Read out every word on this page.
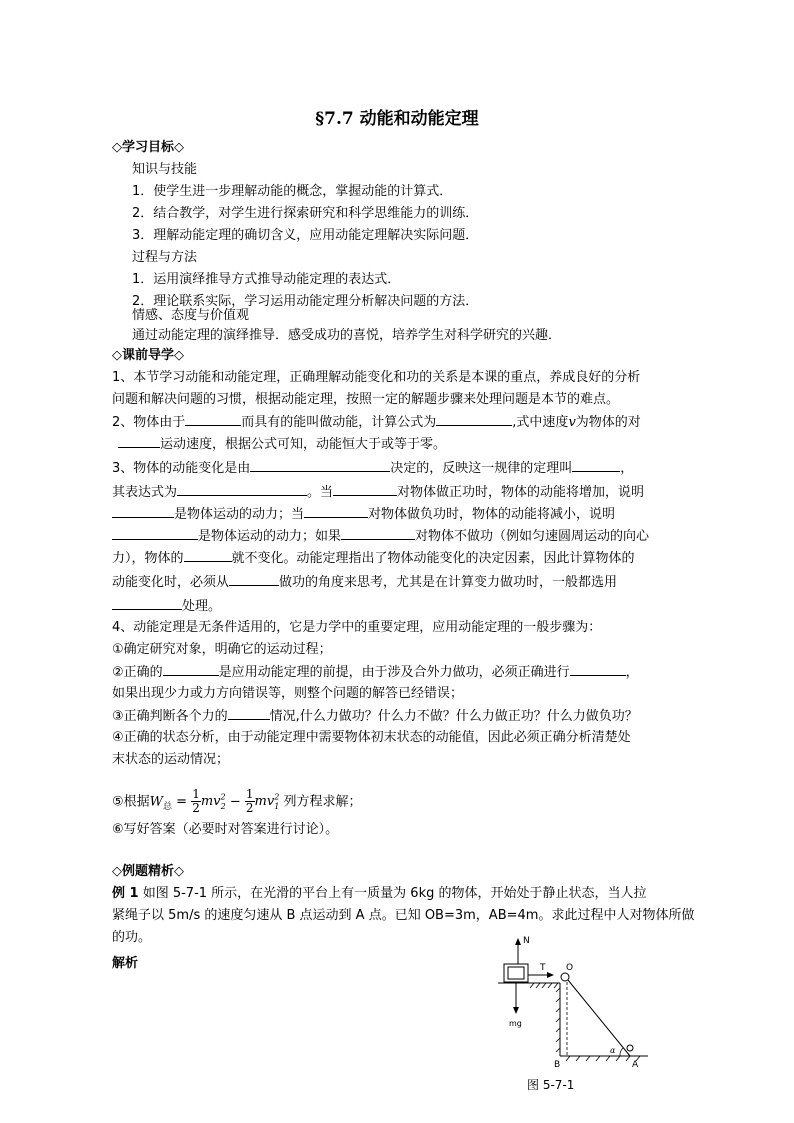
§7.7 动能和动能定理
◇学习目标◇
知识与技能
1．使学生进一步理解动能的概念，掌握动能的计算式．
2．结合教学，对学生进行探索研究和科学思维能力的训练．
3．理解动能定理的确切含义，应用动能定理解决实际问题．
过程与方法
1．运用演绎推导方式推导动能定理的表达式．
2．理论联系实际，学习运用动能定理分析解决问题的方法．
情感、态度与价值观
通过动能定理的演绎推导．感受成功的喜悦，培养学生对科学研究的兴趣．
◇课前导学◇
1、本节学习动能和动能定理，正确理解动能变化和功的关系是本课的重点，养成良好的分析
问题和解决问题的习惯，根据动能定理，按照一定的解题步骤来处理问题是本节的难点。
2、物体由于	而具有的能叫做动能，计算公式为	,式中速度v为物体的对
运动速度，根据公式可知，动能恒大于或等于零。
3、物体的动能变化是由	决定的，反映这一规律的定理叫	，
其表达式为	。当	对物体做正功时，物体的动能将增加，说明
是物体运动的动力；当	对物体做负功时，物体的动能将减小，说明
是物体运动的动力；如果	对物体不做功（例如匀速圆周运动的向心
力），物体的	就不变化。动能定理指出了物体动能变化的决定因素，因此计算物体的
动能变化时，必须从	做功的角度来思考，尤其是在计算变力做功时，一般都选用
处理。
4、动能定理是无条件适用的，它是力学中的重要定理，应用动能定理的一般步骤为：
①确定研究对象，明确它的运动过程；
②正确的	是应用动能定理的前提，由于涉及合外力做功，必须正确进行	，
如果出现少力或力方向错误等，则整个问题的解答已经错误；
③正确判断各个力的	情况,什么力做功？什么力不做？什么力做正功？什么力做负功？
④正确的状态分析，由于动能定理中需要物体初末状态的动能值，因此必须正确分析清楚处
末状态的运动情况；
⑤根据$W_总 = \frac{1}{2} mv^2_2 - \frac{1}{2} mv^2_1$ 列方程求解；
⑥写好答案（必要时对答案进行讨论）。
◇例题精析◇
例 1 如图 5-7-1 所示，在光滑的平台上有一质量为 6kg 的物体，开始处于静止状态，当人拉
紧绳子以 5m/s 的速度匀速从 B 点运动到 A 点。已知 OB=3m，AB=4m。求此过程中人对物体所做
的功。
解析
N
T O
mg
α
B	A
图 5-7-1
